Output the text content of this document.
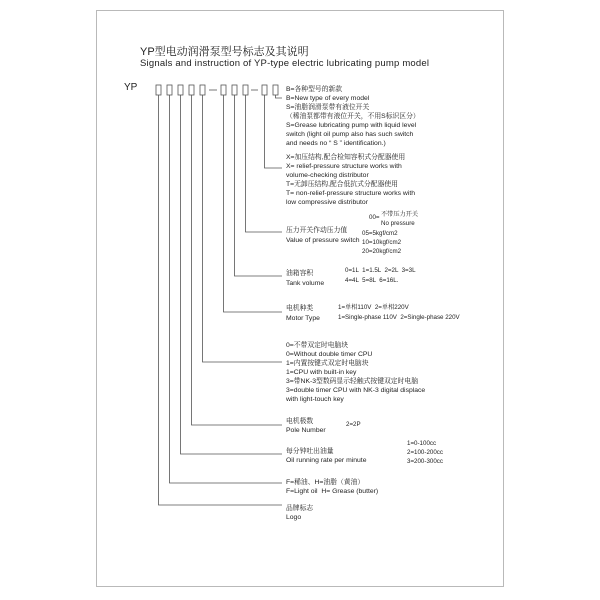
YP型电动润滑泵型号标志及其说明
Signals and instruction of YP-type electric lubricating pump model
YP	B=各种型号的新款
B=New type of every model
S=油脂润滑泵带有液位开关
（稀油泵都带有液位开关，不用S标识区分）
S=Grease lubricating pump with liquid level
switch (light oil pump also has such switch
and needs no “ S ” identification.)
X=加压结构,配合检知容积式分配器使用
X= relief-pressure structure works with
volume-checking distributor
T=无卸压结构,配合低抗式分配器使用
T= non-relief-pressure structure works with
low compressive distributor
压力开关作动压力值
Value of pressure switch
00= 不带压力开关
No pressure
05=5kgf/cm2
10=10kgf/cm2
20=20kgf/cm2
油箱容积
Tank volume
0=1L  1=1.5L  2=2L  3=3L
4=4L  5=8L  6=16L.
电机种类
Motor Type
1=单相110V  2=单相220V
1=Single-phase 110V  2=Single-phase 220V
0=不带双定时电脑块
0=Without double timer CPU
1=内置按键式双定时电脑块
1=CPU with built-in key
3=带NK-3型数码显示轻触式按键双定时电脑
3=double timer CPU with NK-3 digital displace
with light-touch key
电机极数
Pole Number
2=2P
每分钟吐出油量
Oil running rate per minute
1=0-100cc
2=100-200cc
3=200-300cc
F=稀油、H=油脂（黄油）
F=Light oil  H= Grease (butter)
品牌标志
Logo
